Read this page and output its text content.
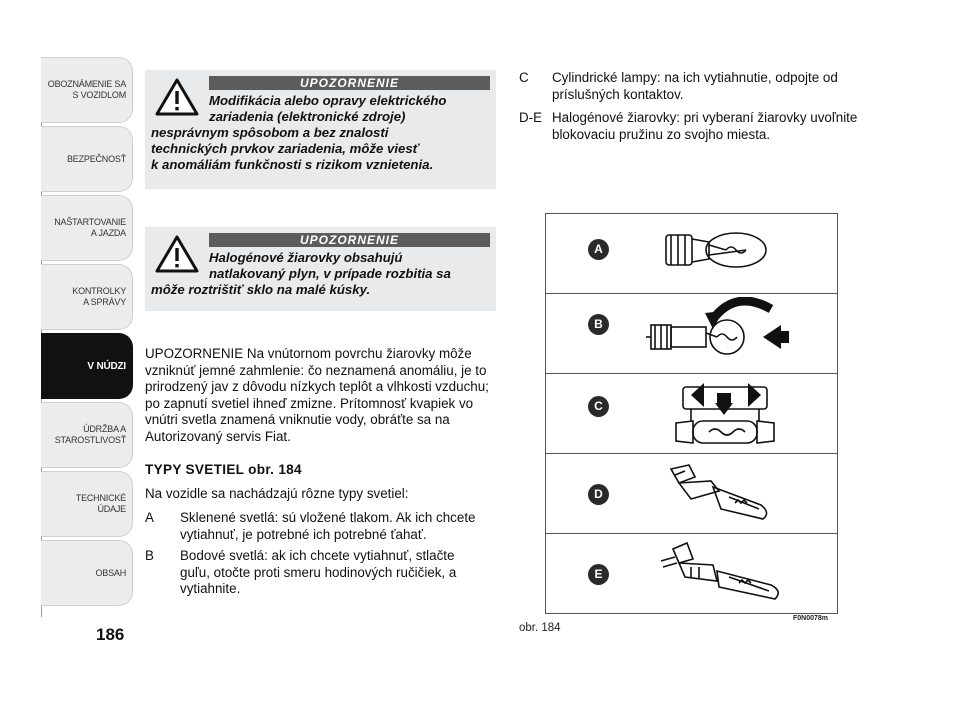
OBOZNÁMENIE SA
S VOZIDLOM
BEZPEČNOSŤ
NAŠTARTOVANIE
A JAZDA
KONTROLKY
A SPRÁVY
V NÚDZI
ÚDRŽBA A
STAROSTLIVOSŤ
TECHNICKÉ
ÚDAJE
OBSAH
186
UPOZORNENIE
Modifikácia alebo opravy elektrického
zariadenia (elektronické zdroje)
nesprávnym spôsobom a bez znalosti
technických prvkov zariadenia, môže viesť
k anomáliám funkčnosti s rizikom vznietenia.
UPOZORNENIE
Halogénové žiarovky obsahujú
natlakovaný plyn, v prípade rozbitia sa
môže roztrištiť sklo na malé kúsky.
UPOZORNENIE Na vnútornom povrchu žiarovky môže vzniknúť jemné zahmlenie: čo neznamená anomáliu, je to prirodzený jav z dôvodu nízkych teplôt a vlhkosti vzduchu; po zapnutí svetiel ihneď zmizne. Prítomnosť kvapiek vo vnútri svetla znamená vniknutie vody, obráťte sa na Autorizovaný servis Fiat.
TYPY SVETIEL obr. 184
Na vozidle sa nachádzajú rôzne typy svetiel:
A	Sklenené svetlá: sú vložené tlakom. Ak ich chcete vytiahnuť, je potrebné ich potrebné ťahať.
B	Bodové svetlá: ak ich chcete vytiahnuť, stlačte guľu, otočte proti smeru hodinových ručičiek, a vytiahnite.
C Cylindrické lampy: na ich vytiahnutie, odpojte od príslušných kontaktov.
D-E Halogénové žiarovky: pri vyberaní žiarovky uvoľnite blokovaciu pružinu zo svojho miesta.
A
B
C
D
E
F0N0078m
obr. 184
